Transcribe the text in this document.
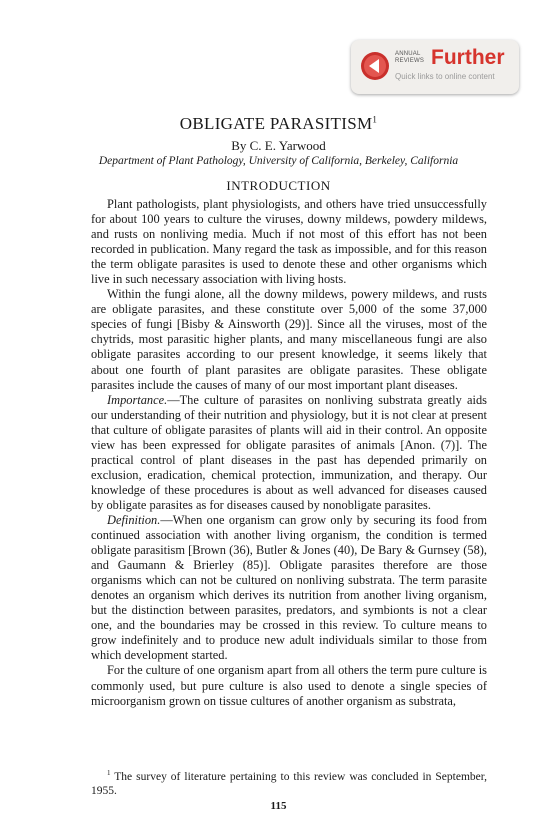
ANNUAL REVIEWS Further
Quick links to online content
OBLIGATE PARASITISM$^1$
By C. E. Yarwood
Department of Plant Pathology, University of California, Berkeley, California
INTRODUCTION

Plant pathologists, plant physiologists, and others have tried unsuccessfully for about 100 years to culture the viruses, downy mildews, powdery mildews, and rusts on nonliving media. Much if not most of this effort has not been recorded in publication. Many regard the task as impossible, and for this reason the term obligate parasites is used to denote these and other organisms which live in such necessary association with living hosts.

Within the fungi alone, all the downy mildews, powery mildews, and rusts are obligate parasites, and these constitute over 5,000 of the some 37,000 species of fungi [Bisby & Ainsworth (29)]. Since all the viruses, most of the chytrids, most parasitic higher plants, and many miscellaneous fungi are also obligate parasites according to our present knowledge, it seems likely that about one fourth of plant parasites are obligate parasites. These obligate parasites include the causes of many of our most important plant diseases.

Importance.—The culture of parasites on nonliving substrata greatly aids our understanding of their nutrition and physiology, but it is not clear at present that culture of obligate parasites of plants will aid in their control. An opposite view has been expressed for obligate parasites of animals [Anon. (7)]. The practical control of plant diseases in the past has depended primarily on exclusion, eradication, chemical protection, immunization, and therapy. Our knowledge of these procedures is about as well advanced for diseases caused by obligate parasites as for diseases caused by nonobligate parasites.

Definition.—When one organism can grow only by securing its food from continued association with another living organism, the condition is termed obligate parasitism [Brown (36), Butler & Jones (40), De Bary & Gurnsey (58), and Gaumann & Brierley (85)]. Obligate parasites therefore are those organisms which can not be cultured on nonliving substrata. The term parasite denotes an organism which derives its nutrition from another living organism, but the distinction between parasites, predators, and symbionts is not a clear one, and the boundaries may be crossed in this review. To culture means to grow indefinitely and to produce new adult individuals similar to those from which development started.

For the culture of one organism apart from all others the term pure culture is commonly used, but pure culture is also used to denote a single species of microorganism grown on tissue cultures of another organism as substrata,

$^1$ The survey of literature pertaining to this review was concluded in September, 1955.
115
